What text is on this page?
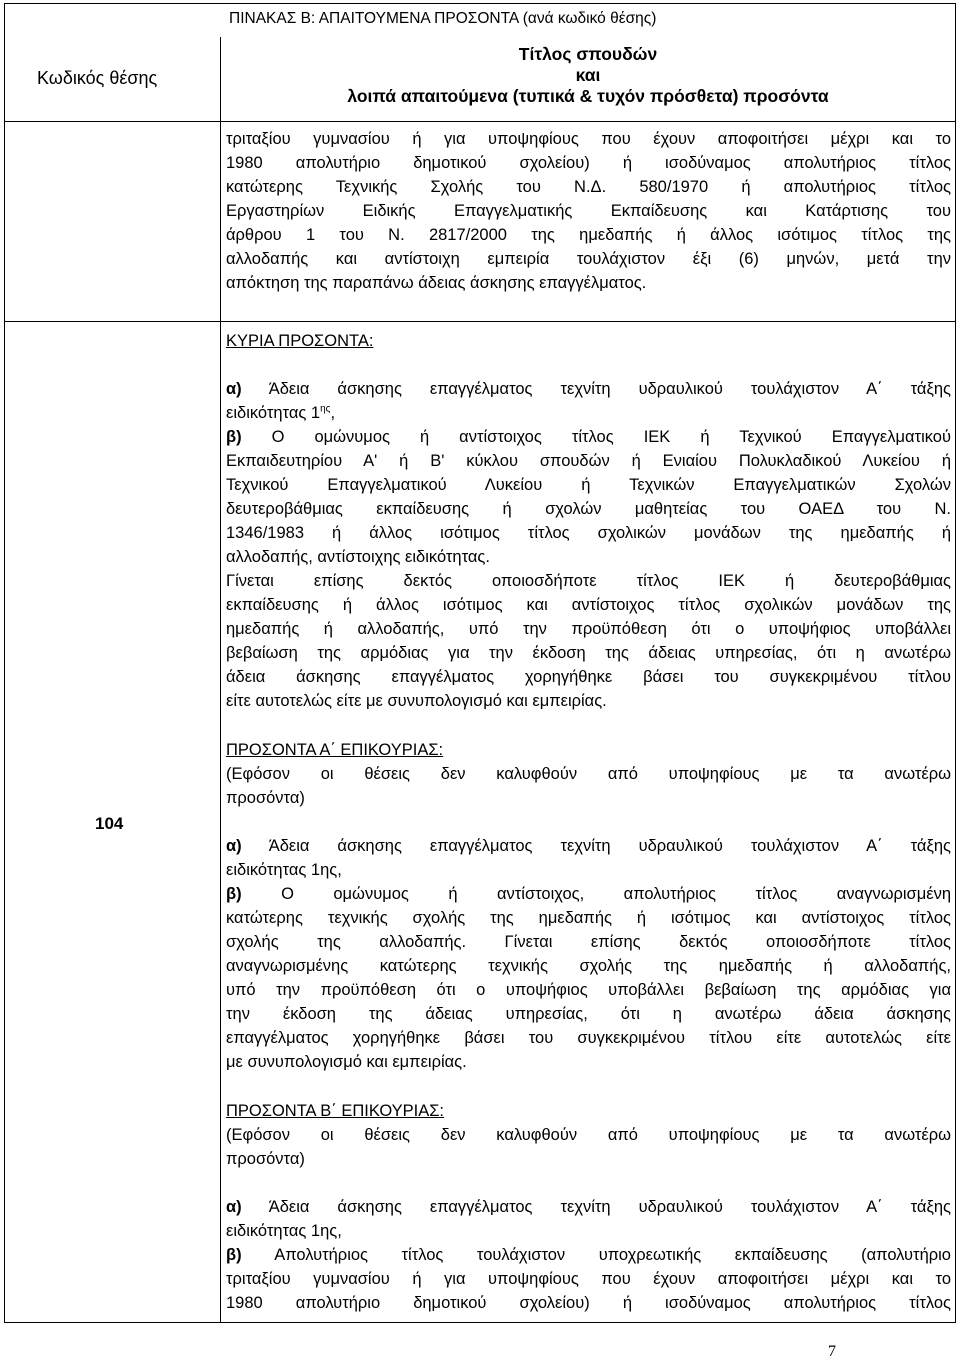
ΠΙΝΑΚΑΣ Β: ΑΠΑΙΤΟΥΜΕΝΑ ΠΡΟΣΟΝΤΑ (ανά κωδικό θέσης)
Κωδικός θέσης
Τίτλος σπουδών
και
λοιπά απαιτούμενα (τυπικά & τυχόν πρόσθετα) προσόντα
τριταξίου γυμνασίου ή για υποψηφίους που έχουν αποφοιτήσει μέχρι και το
1980 απολυτήριο δημοτικού σχολείου) ή ισοδύναμος απολυτήριος τίτλος
κατώτερης Τεχνικής Σχολής του Ν.Δ. 580/1970 ή απολυτήριος τίτλος
Εργαστηρίων Ειδικής Επαγγελματικής Εκπαίδευσης και Κατάρτισης του
άρθρου 1 του Ν. 2817/2000 της ημεδαπής ή άλλος ισότιμος τίτλος της
αλλοδαπής και αντίστοιχη εμπειρία τουλάχιστον έξι (6) μηνών, μετά την
απόκτηση της παραπάνω άδειας άσκησης επαγγέλματος.
104
ΚΥΡΙΑ ΠΡΟΣΟΝΤΑ:
α) Άδεια άσκησης επαγγέλματος τεχνίτη υδραυλικού τουλάχιστον Α΄ τάξης
ειδικότητας $1^{\eta\varsigma}$,
β) Ο ομώνυμος ή αντίστοιχος τίτλος ΙΕΚ ή Τεχνικού Επαγγελματικού
Εκπαιδευτηρίου Α' ή Β' κύκλου σπουδών ή Ενιαίου Πολυκλαδικού Λυκείου ή
Τεχνικού Επαγγελματικού Λυκείου ή Τεχνικών Επαγγελματικών Σχολών
δευτεροβάθμιας εκπαίδευσης ή σχολών μαθητείας του ΟΑΕΔ του Ν.
1346/1983 ή άλλος ισότιμος τίτλος σχολικών μονάδων της ημεδαπής ή
αλλοδαπής, αντίστοιχης ειδικότητας.
Γίνεται επίσης δεκτός οποιοσδήποτε τίτλος ΙΕΚ ή δευτεροβάθμιας
εκπαίδευσης ή άλλος ισότιμος και αντίστοιχος τίτλος σχολικών μονάδων της
ημεδαπής ή αλλοδαπής, υπό την προϋπόθεση ότι ο υποψήφιος υποβάλλει
βεβαίωση της αρμόδιας για την έκδοση της άδειας υπηρεσίας, ότι η ανωτέρω
άδεια άσκησης επαγγέλματος χορηγήθηκε βάσει του συγκεκριμένου τίτλου
είτε αυτοτελώς είτε με συνυπολογισμό και εμπειρίας.
ΠΡΟΣΟΝΤΑ Α΄ ΕΠΙΚΟΥΡΙΑΣ:
(Εφόσον οι θέσεις δεν καλυφθούν από υποψηφίους με τα ανωτέρω
προσόντα)
α) Άδεια άσκησης επαγγέλματος τεχνίτη υδραυλικού τουλάχιστον Α΄ τάξης
ειδικότητας 1ης,
β) Ο ομώνυμος ή αντίστοιχος, απολυτήριος τίτλος αναγνωρισμένη
κατώτερης τεχνικής σχολής της ημεδαπής ή ισότιμος και αντίστοιχος τίτλος
σχολής της αλλοδαπής. Γίνεται επίσης δεκτός οποιοσδήποτε τίτλος
αναγνωρισμένης κατώτερης τεχνικής σχολής της ημεδαπής ή αλλοδαπής,
υπό την προϋπόθεση ότι ο υποψήφιος υποβάλλει βεβαίωση της αρμόδιας για
την έκδοση της άδειας υπηρεσίας, ότι η ανωτέρω άδεια άσκησης
επαγγέλματος χορηγήθηκε βάσει του συγκεκριμένου τίτλου είτε αυτοτελώς είτε
με συνυπολογισμό και εμπειρίας.
ΠΡΟΣΟΝΤΑ Β΄ ΕΠΙΚΟΥΡΙΑΣ:
(Εφόσον οι θέσεις δεν καλυφθούν από υποψηφίους με τα ανωτέρω
προσόντα)
α) Άδεια άσκησης επαγγέλματος τεχνίτη υδραυλικού τουλάχιστον Α΄ τάξης
ειδικότητας 1ης,
β) Απολυτήριος τίτλος τουλάχιστον υποχρεωτικής εκπαίδευσης (απολυτήριο
τριταξίου γυμνασίου ή για υποψηφίους που έχουν αποφοιτήσει μέχρι και το
1980 απολυτήριο δημοτικού σχολείου) ή ισοδύναμος απολυτήριος τίτλος
7
